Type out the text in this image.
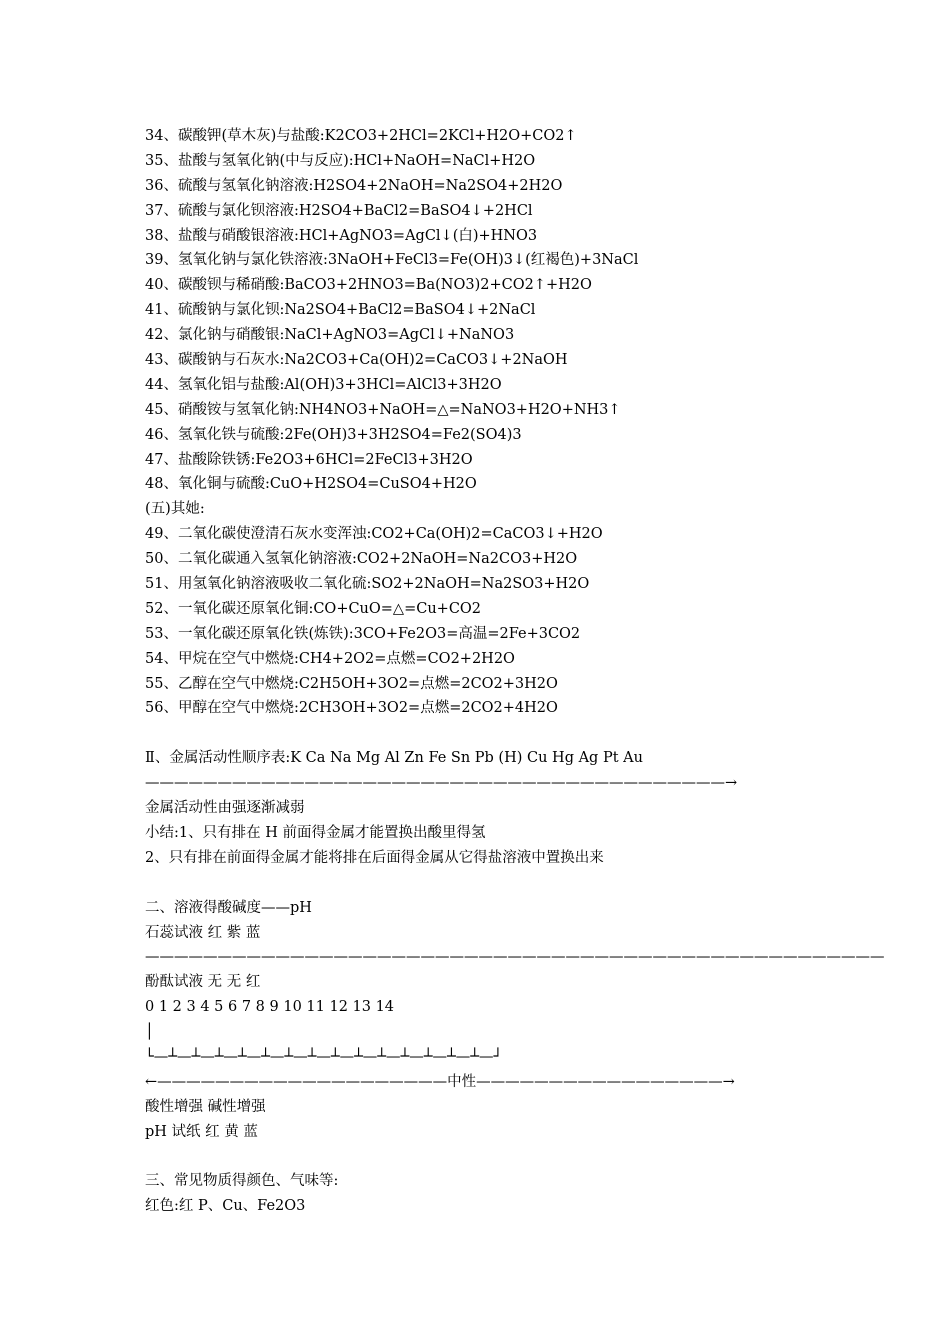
34、碳酸钾(草木灰)与盐酸:K2CO3+2HCl=2KCl+H2O+CO2↑
35、盐酸与氢氧化钠(中与反应):HCl+NaOH=NaCl+H2O
36、硫酸与氢氧化钠溶液:H2SO4+2NaOH=Na2SO4+2H2O
37、硫酸与氯化钡溶液:H2SO4+BaCl2=BaSO4↓+2HCl
38、盐酸与硝酸银溶液:HCl+AgNO3=AgCl↓(白)+HNO3
39、氢氧化钠与氯化铁溶液:3NaOH+FeCl3=Fe(OH)3↓(红褐色)+3NaCl
40、碳酸钡与稀硝酸:BaCO3+2HNO3=Ba(NO3)2+CO2↑+H2O
41、硫酸钠与氯化钡:Na2SO4+BaCl2=BaSO4↓+2NaCl
42、氯化钠与硝酸银:NaCl+AgNO3=AgCl↓+NaNO3
43、碳酸钠与石灰水:Na2CO3+Ca(OH)2=CaCO3↓+2NaOH
44、氢氧化铝与盐酸:Al(OH)3+3HCl=AlCl3+3H2O
45、硝酸铵与氢氧化钠:NH4NO3+NaOH=△=NaNO3+H2O+NH3↑
46、氢氧化铁与硫酸:2Fe(OH)3+3H2SO4=Fe2(SO4)3
47、盐酸除铁锈:Fe2O3+6HCl=2FeCl3+3H2O
48、氧化铜与硫酸:CuO+H2SO4=CuSO4+H2O
(五)其她:
49、二氧化碳使澄清石灰水变浑浊:CO2+Ca(OH)2=CaCO3↓+H2O
50、二氧化碳通入氢氧化钠溶液:CO2+2NaOH=Na2CO3+H2O
51、用氢氧化钠溶液吸收二氧化硫:SO2+2NaOH=Na2SO3+H2O
52、一氧化碳还原氧化铜:CO+CuO=△=Cu+CO2
53、一氧化碳还原氧化铁(炼铁):3CO+Fe2O3=高温=2Fe+3CO2
54、甲烷在空气中燃烧:CH4+2O2=点燃=CO2+2H2O
55、乙醇在空气中燃烧:C2H5OH+3O2=点燃=2CO2+3H2O
56、甲醇在空气中燃烧:2CH3OH+3O2=点燃=2CO2+4H2O
Ⅱ、金属活动性顺序表:K Ca Na Mg Al Zn Fe Sn Pb (H) Cu Hg Ag Pt Au
————————————————————————————————————————→
金属活动性由强逐渐减弱
小结:1、只有排在 H 前面得金属才能置换出酸里得氢
2、只有排在前面得金属才能将排在后面得金属从它得盐溶液中置换出来
二、溶液得酸碱度——pH
石蕊试液 红 紫 蓝
———————————————————————————————————————————————————
酚酞试液 无 无 红
0 1 2 3 4 5 6 7 8 9 10 11 12 13 14
│
└—┴—┴—┴—┴—┴—┴—┴—┴—┴—┴—┴—┴—┴—┴—┘
←————————————————————中性—————————————————→
酸性增强 碱性增强
pH 试纸 红 黄 蓝
三、常见物质得颜色、气味等:
红色:红 P、Cu、Fe2O3
